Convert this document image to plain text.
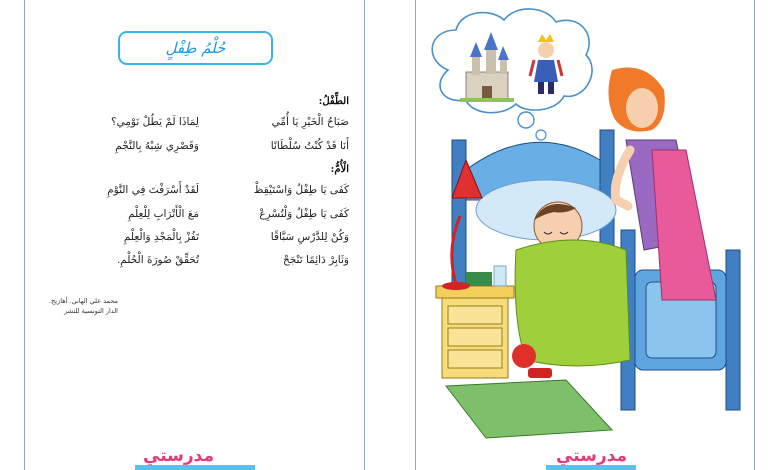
حُلْمُ طِفْلٍ
الطِّفْلُ:
صَبَاحُ الْخَيْرِ يَا أُمِّي
لِمَاذَا لَمْ يَطُلْ نَوْمِي؟
أَنَا قَدْ كُنْتُ سُلْطَانًا
وَقَصْرِي شِبْهُ بِالنَّجْمِ
الْأُمُّ:
كَفَى يَا طِفْلُ وَاسْتَيْقِظْ
لَقَدْ أَسْرَفْتَ فِي النَّوْمِ
كَفَى يَا طِفْلُ وَلْتُسْرِعْ
مَعَ الْأَتْرَابِ لِلْعِلْمِ
وَكُنْ لِلدَّرْسِ سَبَّاقًا
تَفُزْ بِالْمَجْدِ وَالْعِلْمِ
وَثَابِرْ دَائِمًا تَنْجَحْ
تُحَقِّقْ صُورَةَ الْحُلْمِ.
محمد علي الهاني. أهازيج.
الدار التونسية للنشر
مدرستي	مدرستي
